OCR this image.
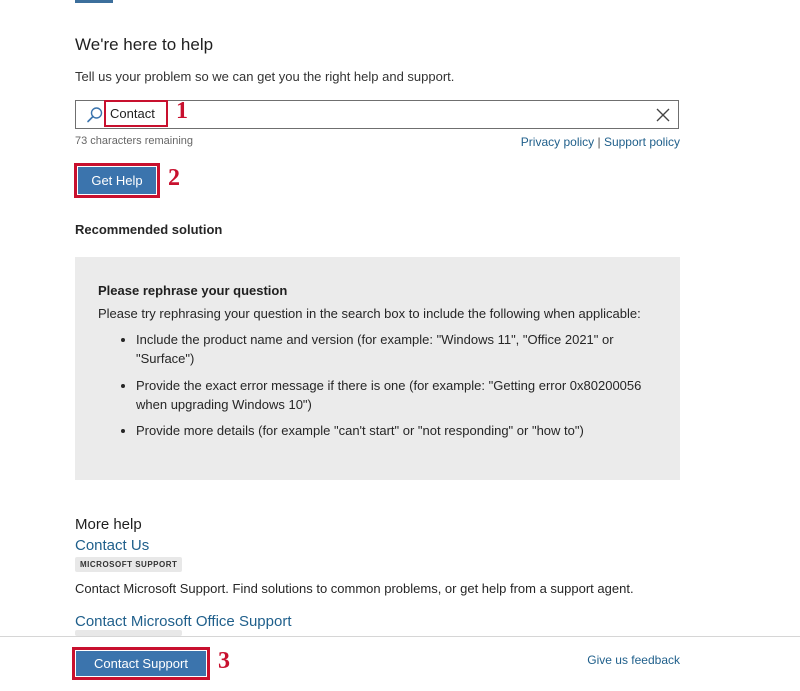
We're here to help
Tell us your problem so we can get you the right help and support.
Contact
1
73 characters remaining	Privacy policy | Support policy
Get Help	2
Recommended solution

Please rephrase your question

Please try rephrasing your question in the search box to include the following when applicable:

• Include the product name and version (for example: "Windows 11", "Office 2021" or "Surface")
• Provide the exact error message if there is one (for example: "Getting error 0x80200056 when upgrading Windows 10")
• Provide more details (for example "can't start" or "not responding" or "how to")
More help
Contact Us
MICROSOFT SUPPORT
Contact Microsoft Support. Find solutions to common problems, or get help from a support agent.
Contact Microsoft Office Support
Contact Support	3	Give us feedback
